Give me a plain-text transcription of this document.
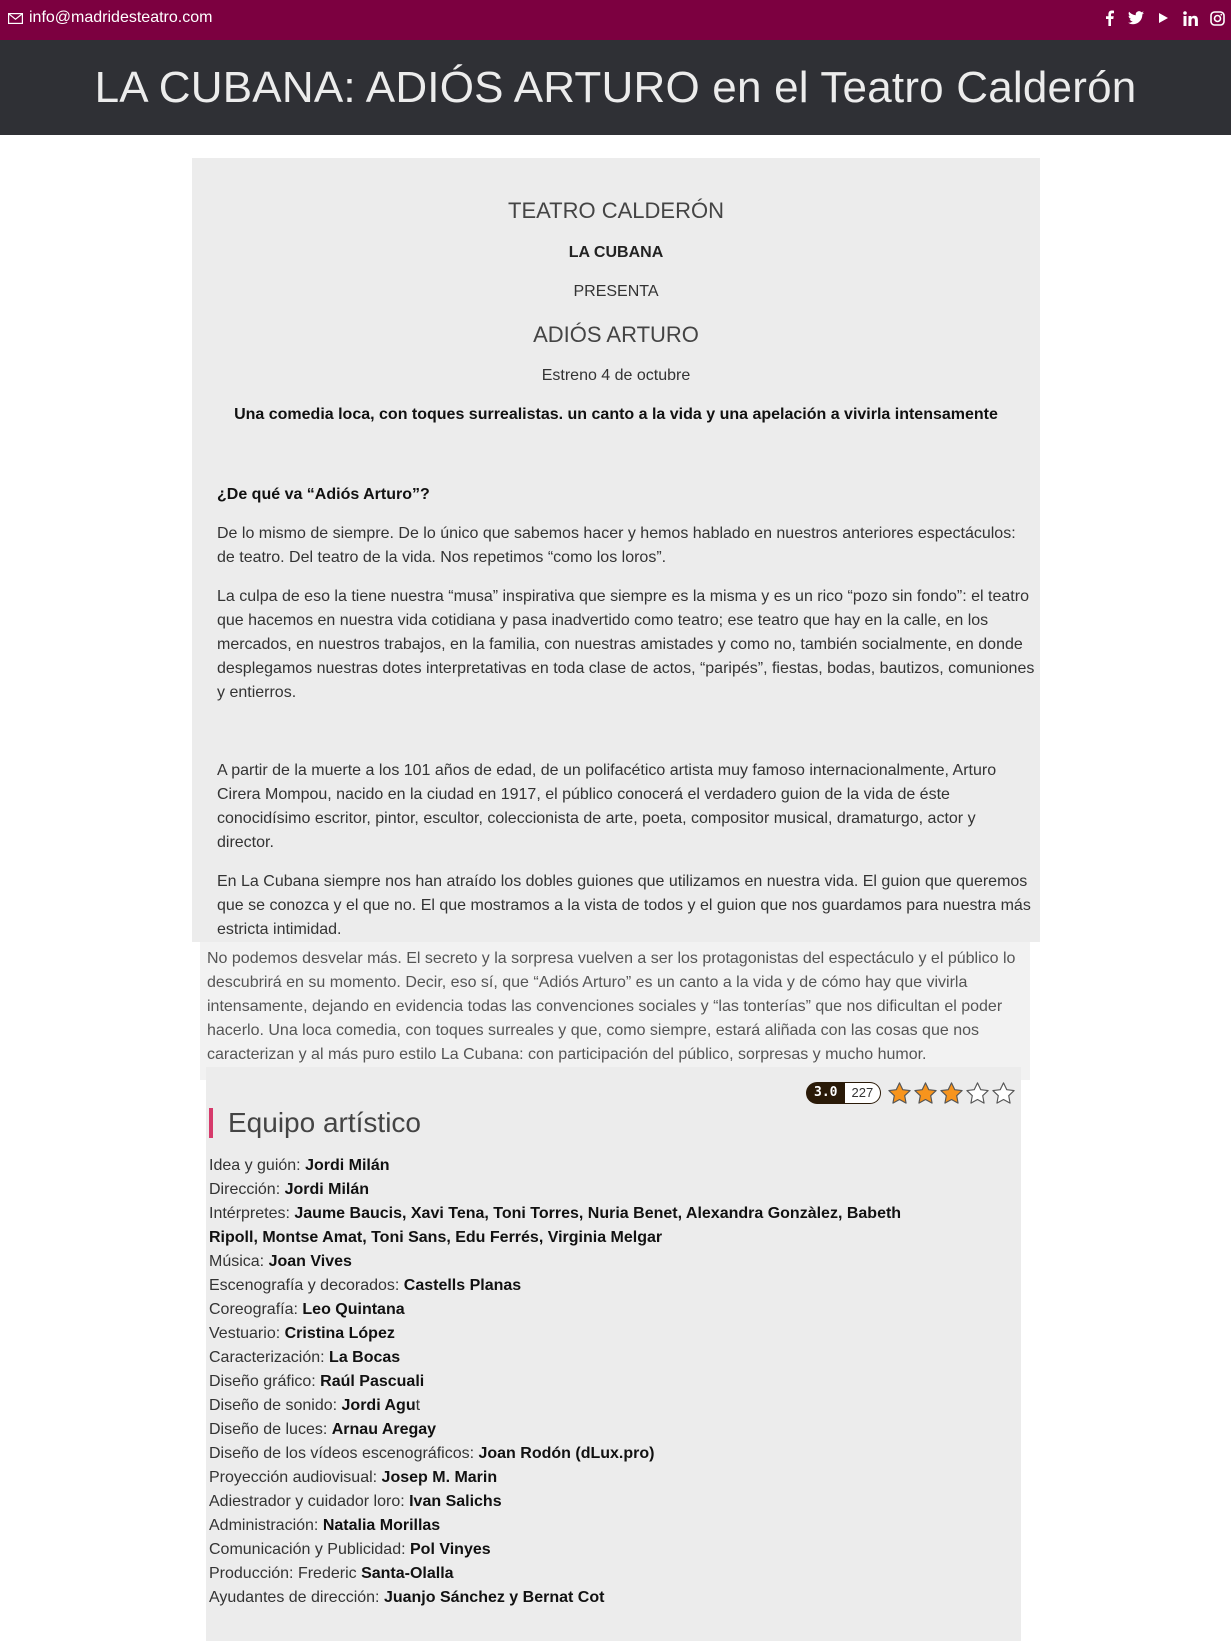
info@madridesteatro.com
LA CUBANA: ADIÓS ARTURO en el Teatro Calderón
TEATRO CALDERÓN
LA CUBANA
PRESENTA
ADIÓS ARTURO
Estreno 4 de octubre
Una comedia loca, con toques surrealistas. un canto a la vida y una apelación a vivirla intensamente

¿De qué va “Adiós Arturo”?

De lo mismo de siempre. De lo único que sabemos hacer y hemos hablado en nuestros anteriores espectáculos: de teatro. Del teatro de la vida. Nos repetimos “como los loros”.

La culpa de eso la tiene nuestra “musa” inspirativa que siempre es la misma y es un rico “pozo sin fondo”: el teatro que hacemos en nuestra vida cotidiana y pasa inadvertido como teatro; ese teatro que hay en la calle, en los mercados, en nuestros trabajos, en la familia, con nuestras amistades y como no, también socialmente, en donde desplegamos nuestras dotes interpretativas en toda clase de actos, “paripés”, fiestas, bodas, bautizos, comuniones y entierros.

A partir de la muerte a los 101 años de edad, de un polifacético artista muy famoso internacionalmente, Arturo Cirera Mompou, nacido en la ciudad en 1917, el público conocerá el verdadero guion de la vida de éste conocidísimo escritor, pintor, escultor, coleccionista de arte, poeta, compositor musical, dramaturgo, actor y director.

En La Cubana siempre nos han atraído los dobles guiones que utilizamos en nuestra vida. El guion que queremos que se conozca y el que no. El que mostramos a la vista de todos y el guion que nos guardamos para nuestra más estricta intimidad.

No podemos desvelar más. El secreto y la sorpresa vuelven a ser los protagonistas del espectáculo y el público lo descubrirá en su momento. Decir, eso sí, que “Adiós Arturo” es un canto a la vida y de cómo hay que vivirla intensamente, dejando en evidencia todas las convenciones sociales y “las tonterías” que nos dificultan el poder hacerlo. Una loca comedia, con toques surreales y que, como siempre, estará aliñada con las cosas que nos caracterizan y al más puro estilo La Cubana: con participación del público, sorpresas y mucho humor.

3.0	227
Equipo artístico
Idea y guión: Jordi Milán
Dirección: Jordi Milán
Intérpretes: Jaume Baucis, Xavi Tena, Toni Torres, Nuria Benet, Alexandra Gonzàlez, Babeth Ripoll, Montse Amat, Toni Sans, Edu Ferrés, Virginia Melgar
Música: Joan Vives
Escenografía y decorados: Castells Planas
Coreografía: Leo Quintana
Vestuario: Cristina López
Caracterización: La Bocas
Diseño gráfico: Raúl Pascuali
Diseño de sonido: Jordi Agut
Diseño de luces: Arnau Aregay
Diseño de los vídeos escenográficos: Joan Rodón (dLux.pro)
Proyección audiovisual: Josep M. Marin
Adiestrador y cuidador loro: Ivan Salichs
Administración: Natalia Morillas
Comunicación y Publicidad: Pol Vinyes
Producción: Frederic Santa-Olalla
Ayudantes de dirección: Juanjo Sánchez y Bernat Cot
